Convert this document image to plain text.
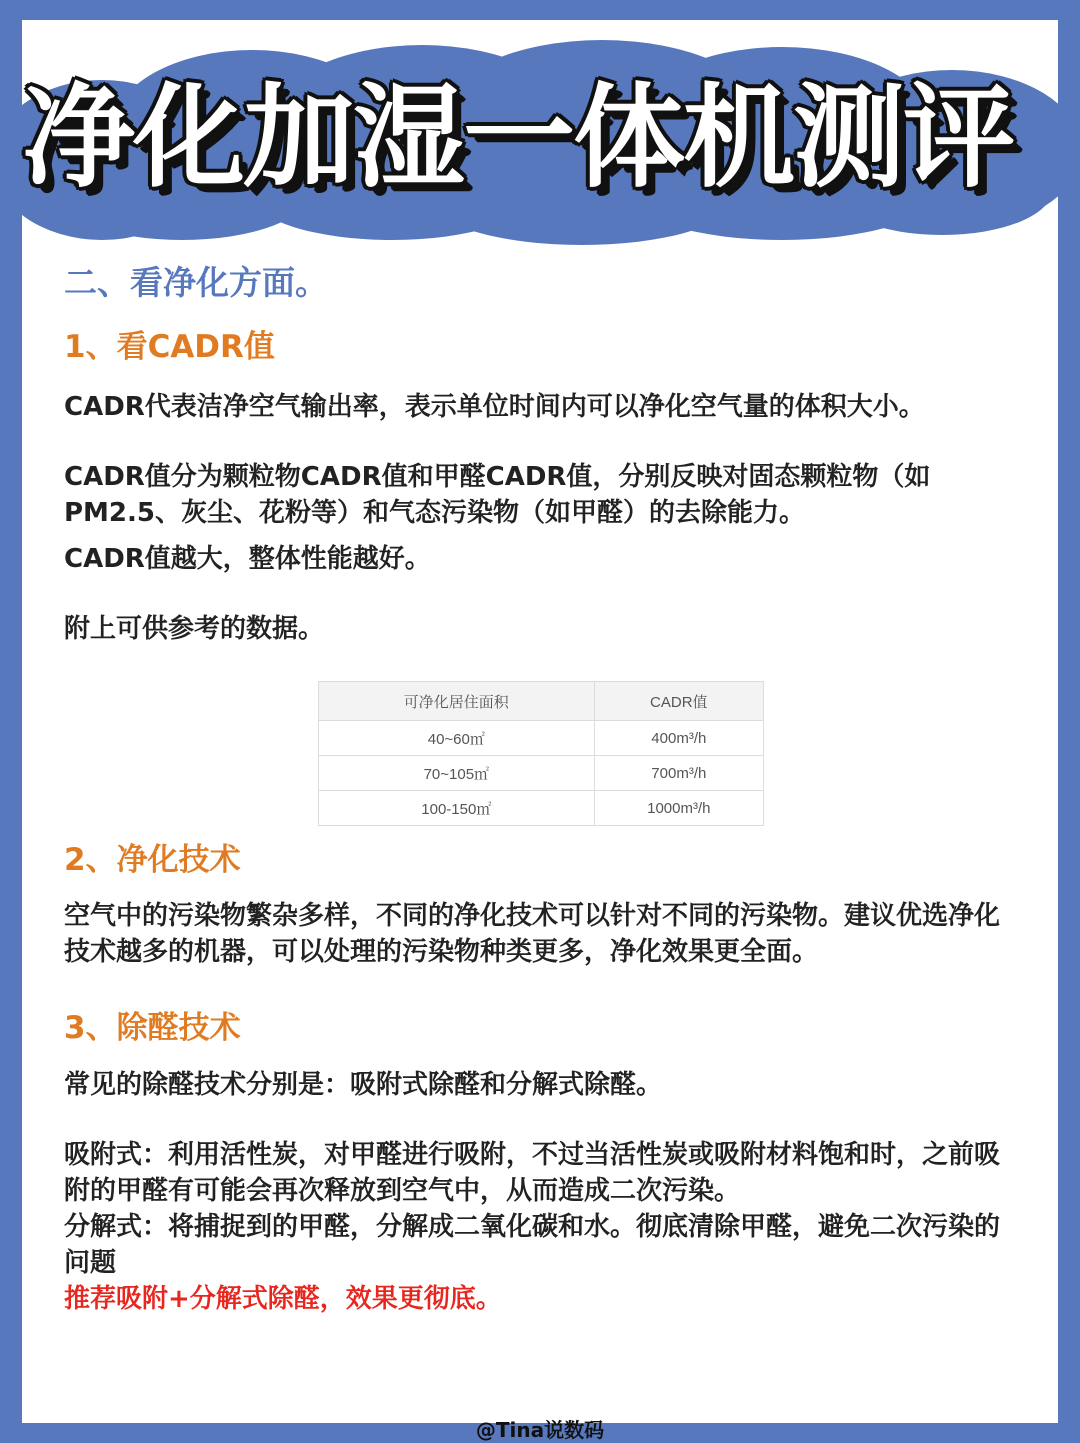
净化加湿一体机测评
二、看净化方面。
1、看CADR值

CADR代表洁净空气输出率，表示单位时间内可以净化空气量的体积大小。

CADR值分为颗粒物CADR值和甲醛CADR值，分别反映对固态颗粒物（如PM2.5、灰尘、花粉等）和气态污染物（如甲醛）的去除能力。

CADR值越大，整体性能越好。

附上可供参考的数据。

可净化居住面积	CADR值
40~60㎡	400m³/h
70~105㎡	700m³/h
100-150㎡	1000m³/h
2、净化技术

空气中的污染物繁杂多样，不同的净化技术可以针对不同的污染物。建议优选净化技术越多的机器，可以处理的污染物种类更多，净化效果更全面。

3、除醛技术

常见的除醛技术分别是：吸附式除醛和分解式除醛。

吸附式：利用活性炭，对甲醛进行吸附，不过当活性炭或吸附材料饱和时，之前吸附的甲醛有可能会再次释放到空气中，从而造成二次污染。

分解式：将捕捉到的甲醛，分解成二氧化碳和水。彻底清除甲醛，避免二次污染的问题

推荐吸附+分解式除醛，效果更彻底。

@Tina说数码
